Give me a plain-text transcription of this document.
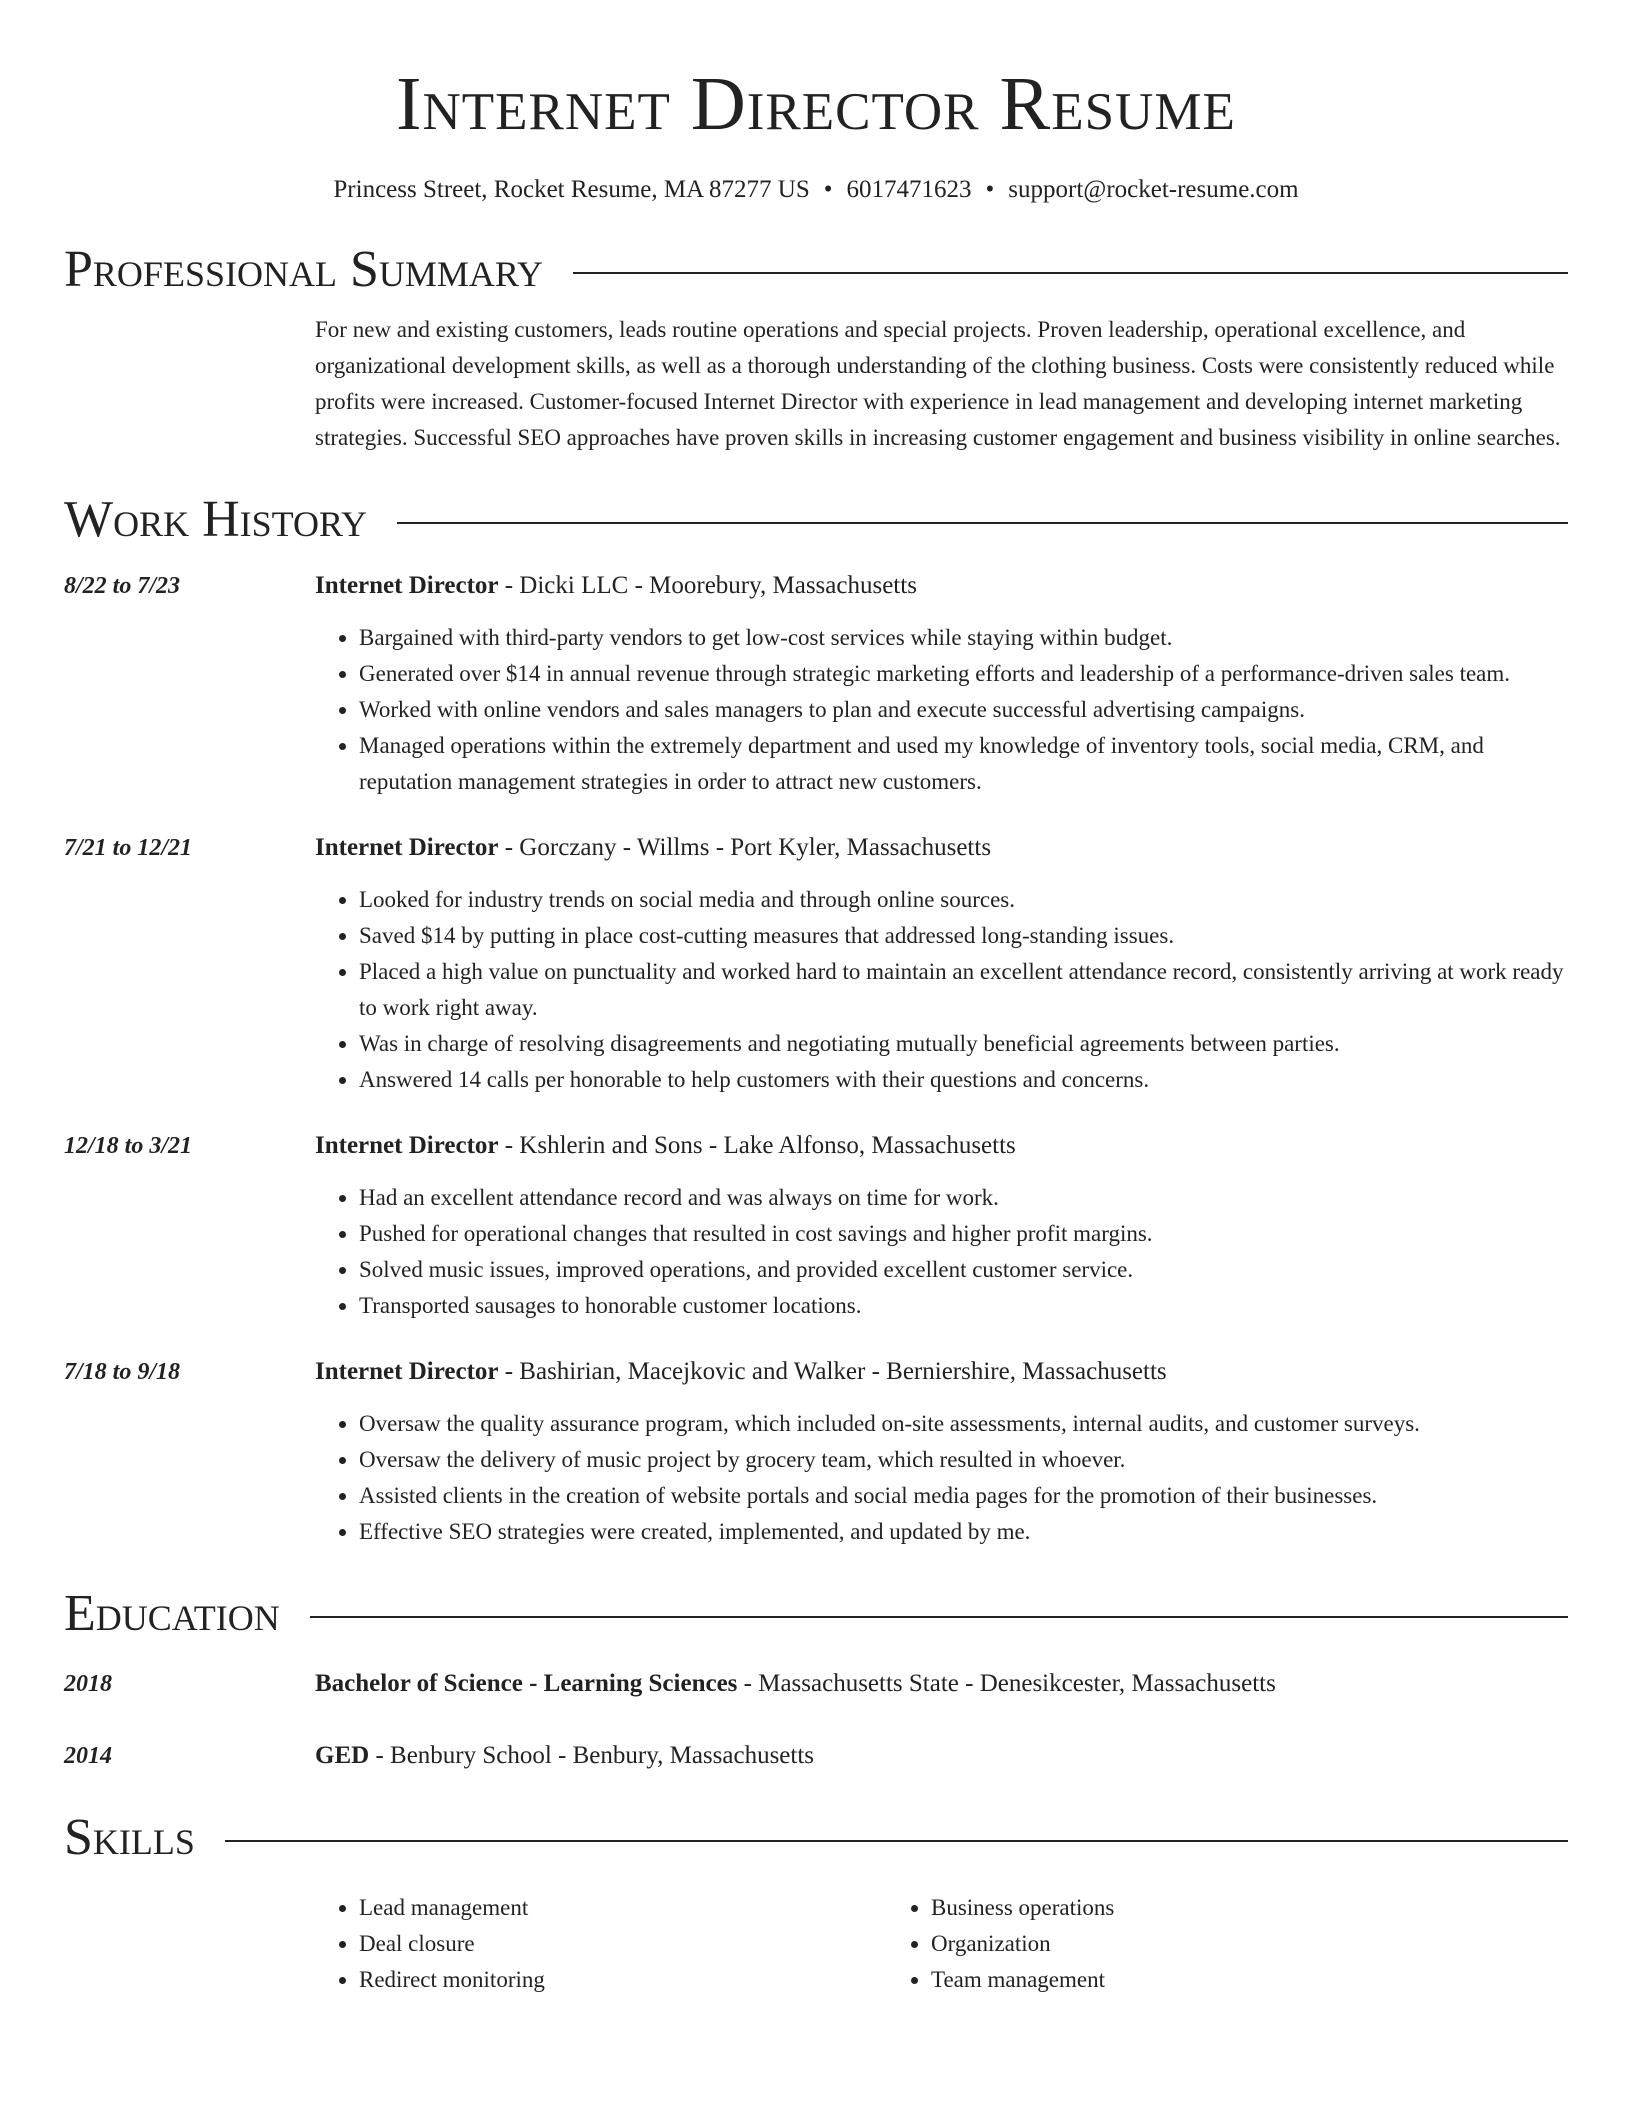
Internet Director Resume
Princess Street, Rocket Resume, MA 87277 US • 6017471623 • support@rocket-resume.com
Professional Summary
For new and existing customers, leads routine operations and special projects. Proven leadership, operational excellence, and organizational development skills, as well as a thorough understanding of the clothing business. Costs were consistently reduced while profits were increased. Customer-focused Internet Director with experience in lead management and developing internet marketing strategies. Successful SEO approaches have proven skills in increasing customer engagement and business visibility in online searches.
Work History
8/22 to 7/23	Internet Director - Dicki LLC - Moorebury, Massachusetts
• Bargained with third-party vendors to get low-cost services while staying within budget.
• Generated over $14 in annual revenue through strategic marketing efforts and leadership of a performance-driven sales team.
• Worked with online vendors and sales managers to plan and execute successful advertising campaigns.
• Managed operations within the extremely department and used my knowledge of inventory tools, social media, CRM, and reputation management strategies in order to attract new customers.
7/21 to 12/21	Internet Director - Gorczany - Willms - Port Kyler, Massachusetts
• Looked for industry trends on social media and through online sources.
• Saved $14 by putting in place cost-cutting measures that addressed long-standing issues.
• Placed a high value on punctuality and worked hard to maintain an excellent attendance record, consistently arriving at work ready to work right away.
• Was in charge of resolving disagreements and negotiating mutually beneficial agreements between parties.
• Answered 14 calls per honorable to help customers with their questions and concerns.
12/18 to 3/21	Internet Director - Kshlerin and Sons - Lake Alfonso, Massachusetts
• Had an excellent attendance record and was always on time for work.
• Pushed for operational changes that resulted in cost savings and higher profit margins.
• Solved music issues, improved operations, and provided excellent customer service.
• Transported sausages to honorable customer locations.
7/18 to 9/18	Internet Director - Bashirian, Macejkovic and Walker - Berniershire, Massachusetts
• Oversaw the quality assurance program, which included on-site assessments, internal audits, and customer surveys.
• Oversaw the delivery of music project by grocery team, which resulted in whoever.
• Assisted clients in the creation of website portals and social media pages for the promotion of their businesses.
• Effective SEO strategies were created, implemented, and updated by me.
Education
2018	Bachelor of Science - Learning Sciences - Massachusetts State - Denesikcester, Massachusetts
2014	GED - Benbury School - Benbury, Massachusetts
Skills
• Lead management
• Deal closure
• Redirect monitoring
• Business operations
• Organization
• Team management
